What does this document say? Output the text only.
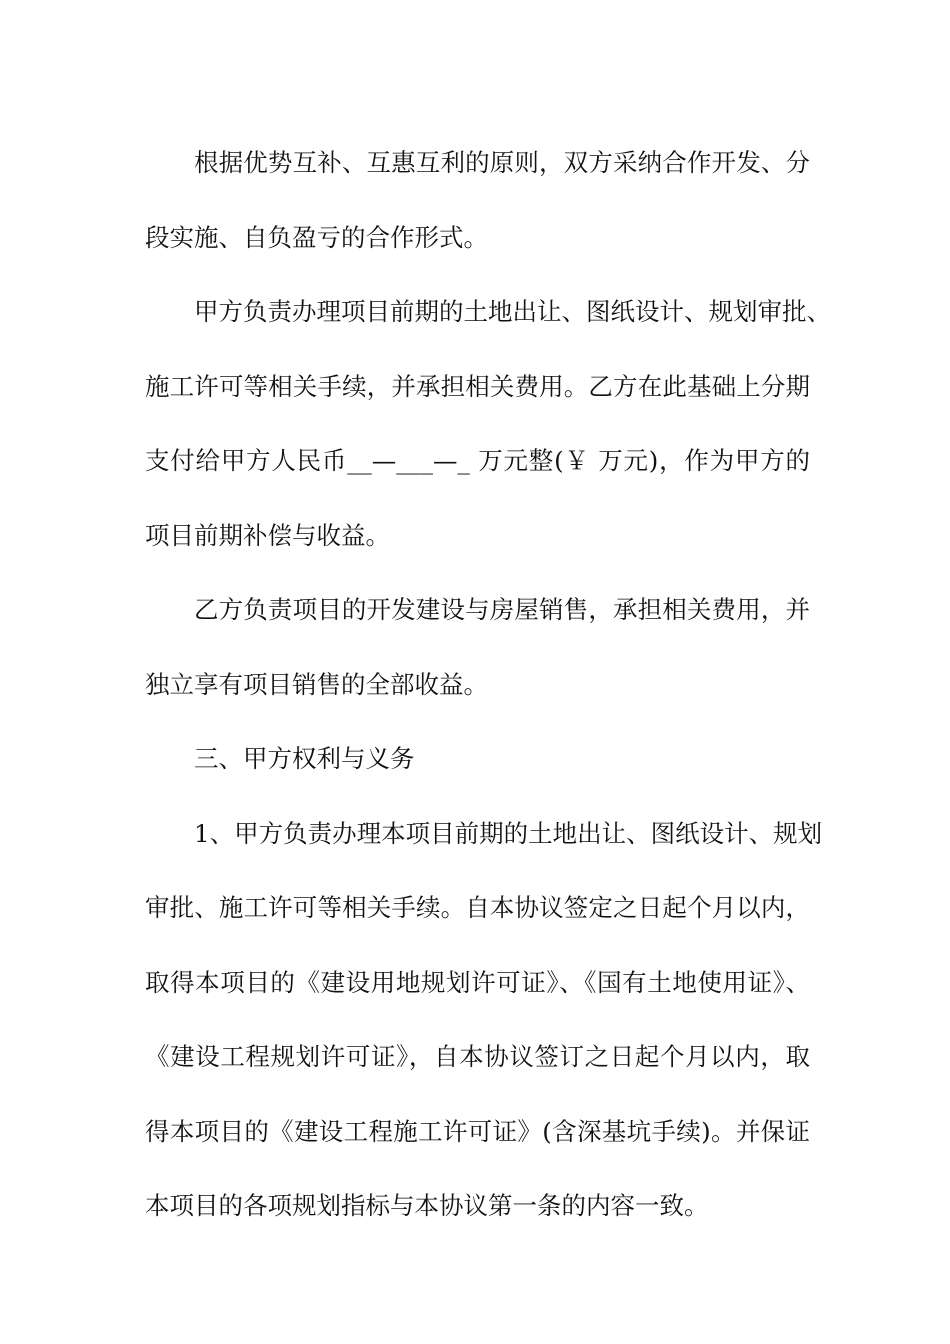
根据优势互补、互惠互利的原则，双方采纳合作开发、分
段实施、自负盈亏的合作形式。
甲方负责办理项目前期的土地出让、图纸设计、规划审批、
施工许可等相关手续，并承担相关费用。乙方在此基础上分期
支付给甲方人民币__—___—_ 万元整(￥ 万元)，作为甲方的
项目前期补偿与收益。
乙方负责项目的开发建设与房屋销售，承担相关费用，并
独立享有项目销售的全部收益。
三、甲方权利与义务
1、甲方负责办理本项目前期的土地出让、图纸设计、规划
审批、施工许可等相关手续。自本协议签定之日起个月以内，
取得本项目的《建设用地规划许可证》、《国有土地使用证》、
《建设工程规划许可证》，自本协议签订之日起个月以内，取
得本项目的《建设工程施工许可证》(含深基坑手续)。并保证
本项目的各项规划指标与本协议第一条的内容一致。
